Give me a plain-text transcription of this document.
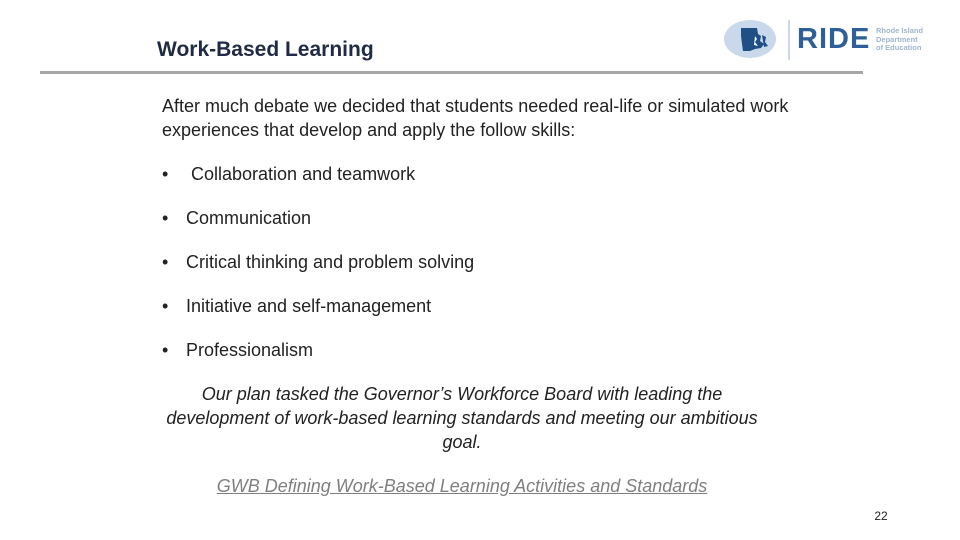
Work-Based Learning	RIDE Rhode Island
Department
of Education

After much debate we decided that students needed real-life or simulated work experiences that develop and apply the follow skills:

•	Collaboration and teamwork
• Communication
• Critical thinking and problem solving
• Initiative and self-management
• Professionalism

Our plan tasked the Governor’s Workforce Board with leading the development of work-based learning standards and meeting our ambitious goal.

GWB Defining Work-Based Learning Activities and Standards
22
